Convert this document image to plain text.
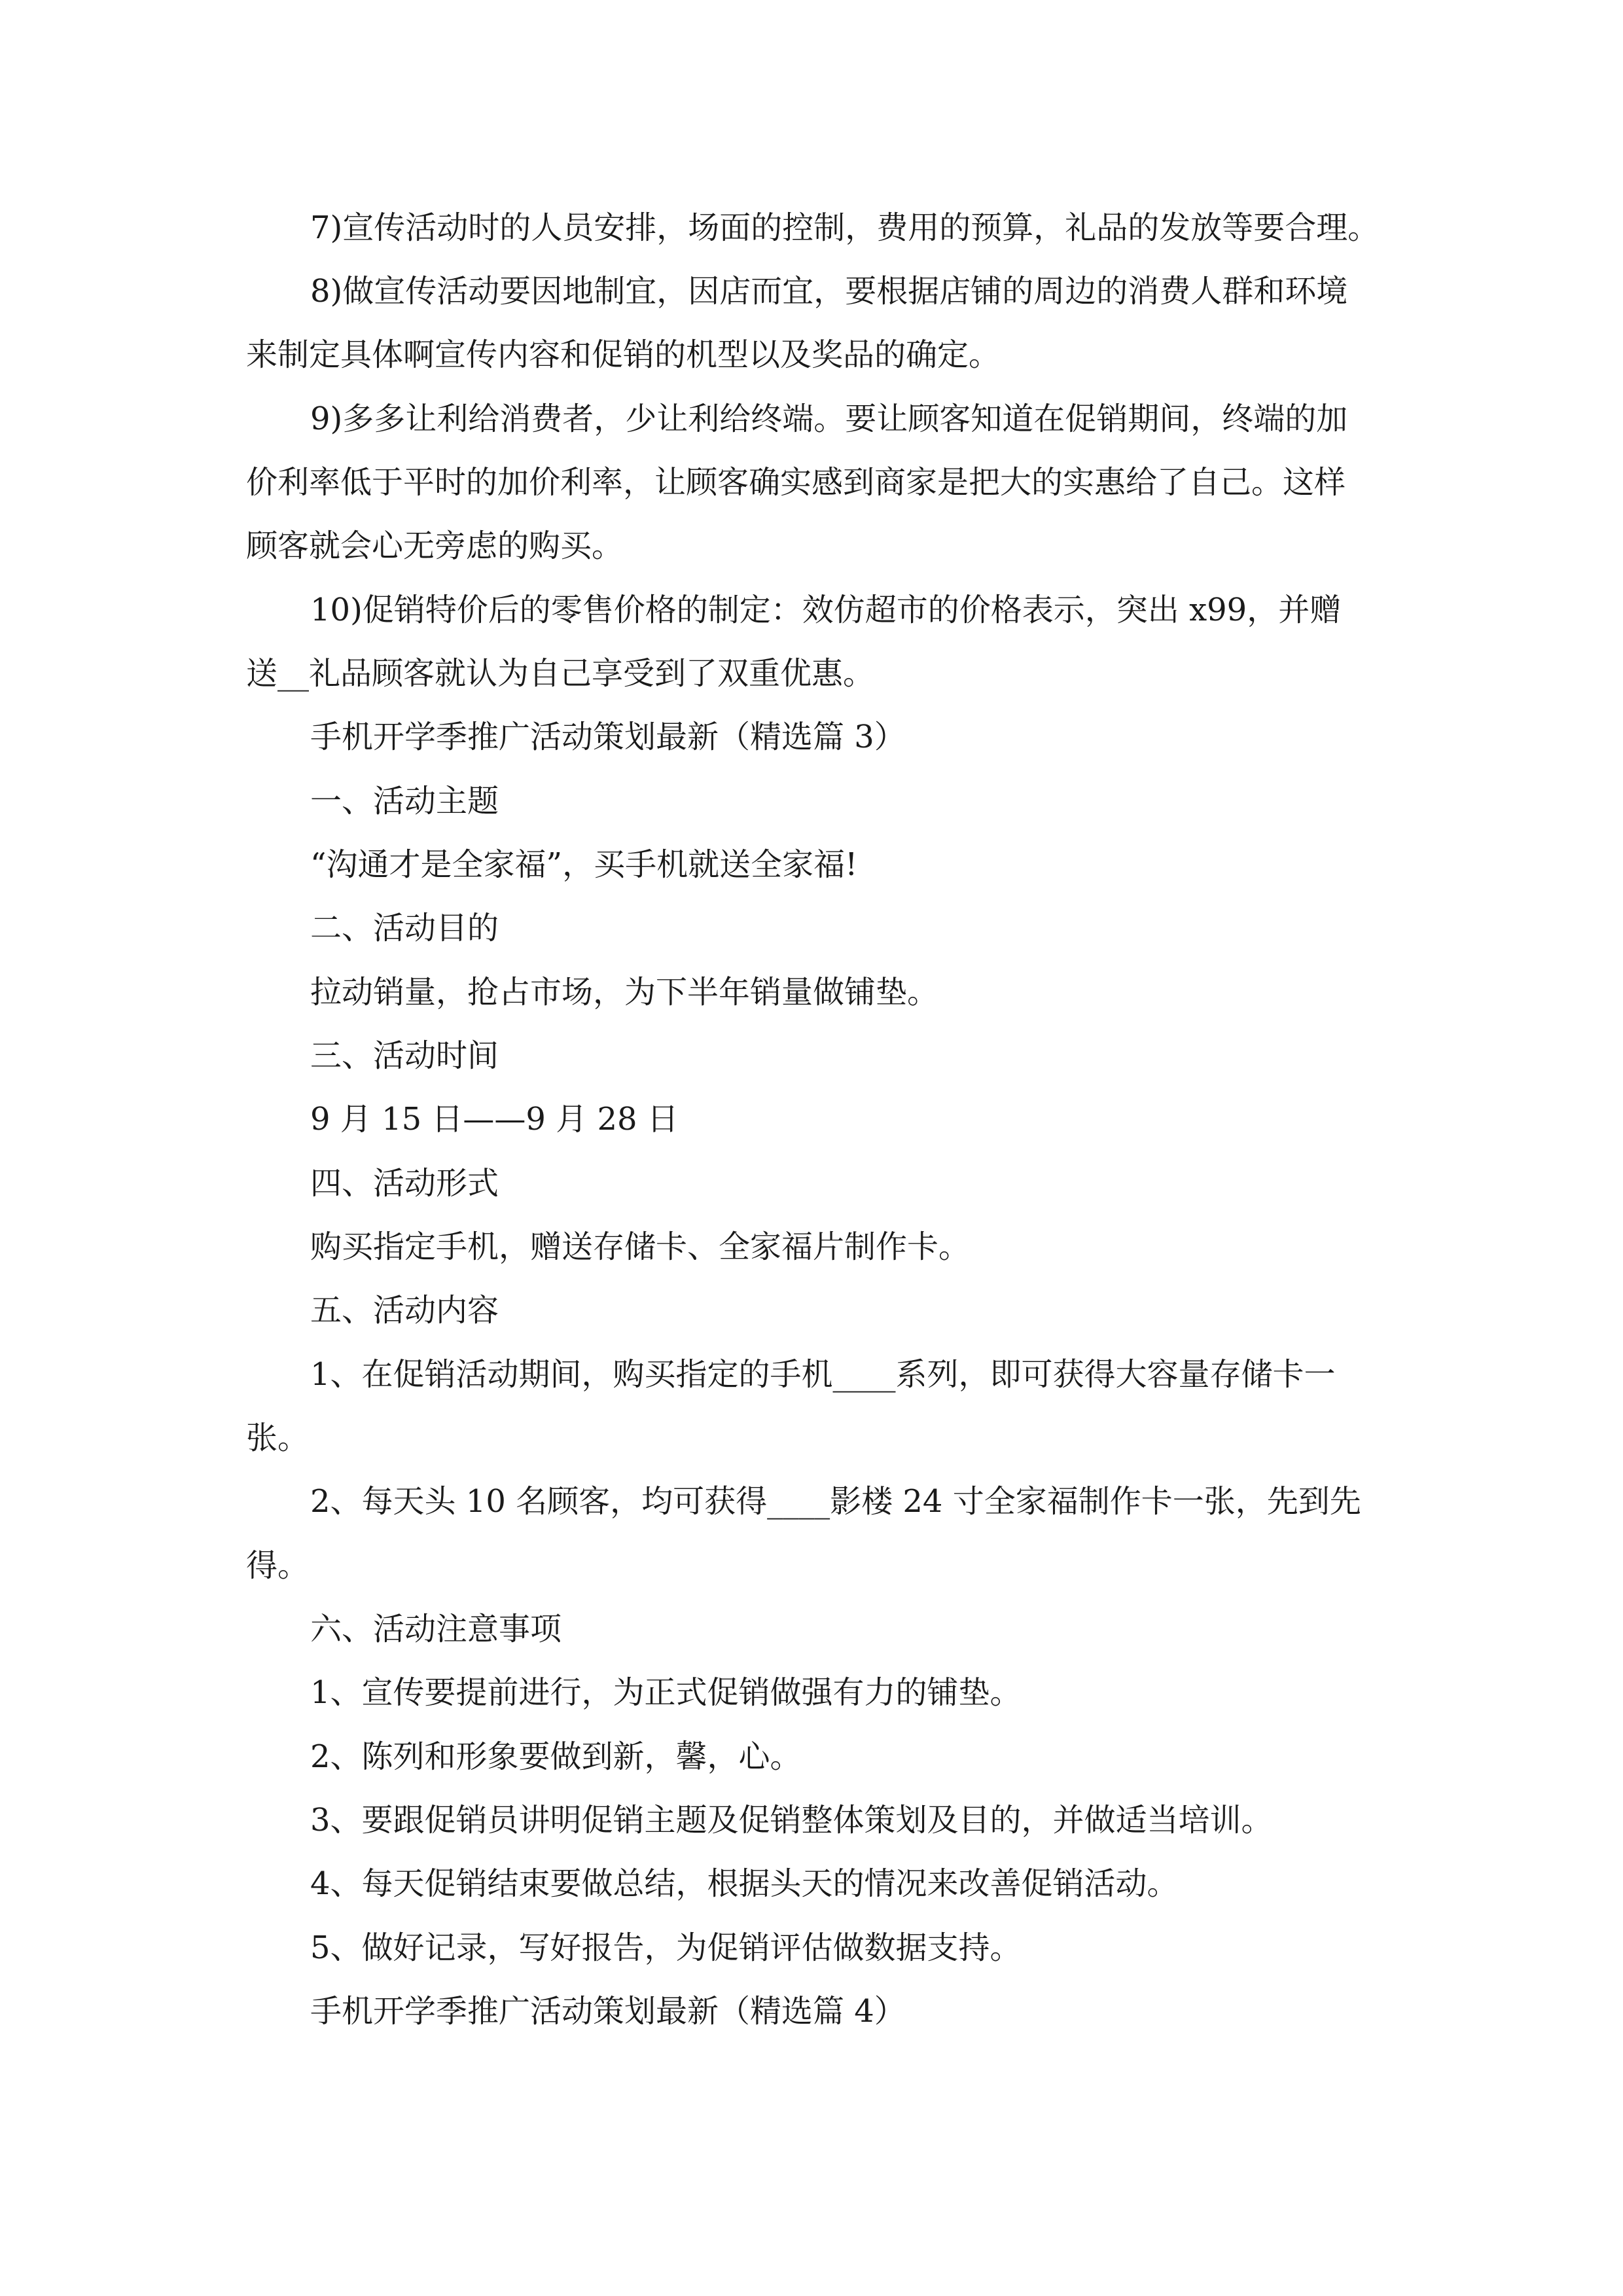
7)宣传活动时的人员安排，场面的控制，费用的预算，礼品的发放等要合理。
8)做宣传活动要因地制宜，因店而宜，要根据店铺的周边的消费人群和环境
来制定具体啊宣传内容和促销的机型以及奖品的确定。
9)多多让利给消费者，少让利给终端。要让顾客知道在促销期间，终端的加
价利率低于平时的加价利率，让顾客确实感到商家是把大的实惠给了自己。这样
顾客就会心无旁虑的购买。
10)促销特价后的零售价格的制定：效仿超市的价格表示，突出 x99，并赠
送__礼品顾客就认为自己享受到了双重优惠。
手机开学季推广活动策划最新（精选篇 3）
一、活动主题
“沟通才是全家福”，买手机就送全家福!
二、活动目的
拉动销量，抢占市场，为下半年销量做铺垫。
三、活动时间
9 月 15 日——9 月 28 日
四、活动形式
购买指定手机，赠送存储卡、全家福片制作卡。
五、活动内容
1、在促销活动期间，购买指定的手机____系列，即可获得大容量存储卡一
张。
2、每天头 10 名顾客，均可获得____影楼 24 寸全家福制作卡一张，先到先
得。
六、活动注意事项
1、宣传要提前进行，为正式促销做强有力的铺垫。
2、陈列和形象要做到新，馨，心。
3、要跟促销员讲明促销主题及促销整体策划及目的，并做适当培训。
4、每天促销结束要做总结，根据头天的情况来改善促销活动。
5、做好记录，写好报告，为促销评估做数据支持。
手机开学季推广活动策划最新（精选篇 4）
